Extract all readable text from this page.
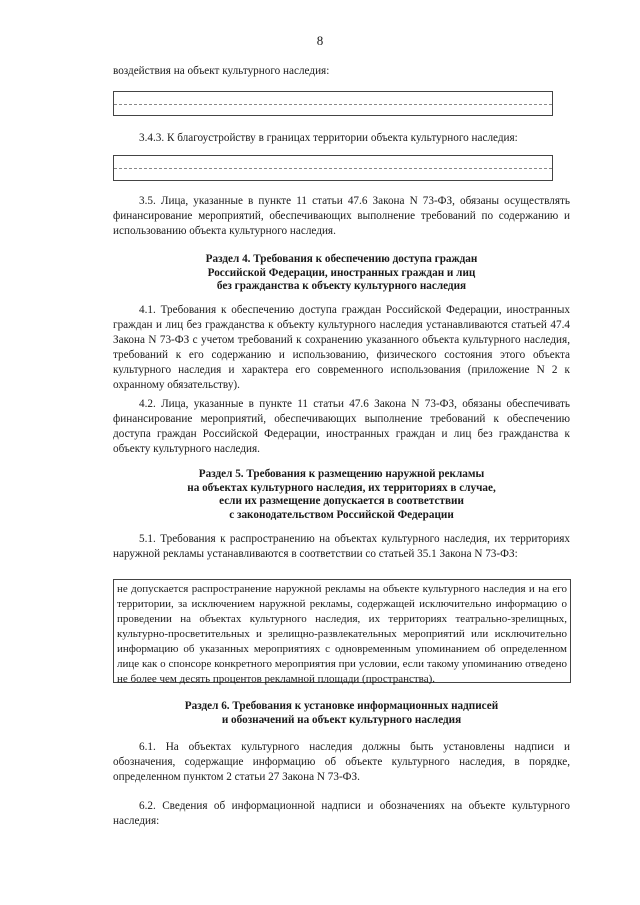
8

воздействия на объект культурного наследия:

3.4.3. К благоустройству в границах территории объекта культурного наследия:

3.5. Лица, указанные в пункте 11 статьи 47.6 Закона N 73-ФЗ, обязаны осуществлять финансирование мероприятий, обеспечивающих выполнение требований по содержанию и использованию объекта культурного наследия.

Раздел 4. Требования к обеспечению доступа граждан
Российской Федерации, иностранных граждан и лиц
без гражданства к объекту культурного наследия

4.1. Требования к обеспечению доступа граждан Российской Федерации, иностранных граждан и лиц без гражданства к объекту культурного наследия устанавливаются статьей 47.4 Закона N 73-ФЗ с учетом требований к сохранению указанного объекта культурного наследия, требований к его содержанию и использованию, физического состояния этого объекта культурного наследия и характера его современного использования (приложение N 2 к охранному обязательству).

4.2. Лица, указанные в пункте 11 статьи 47.6 Закона N 73-ФЗ, обязаны обеспечивать финансирование мероприятий, обеспечивающих выполнение требований к обеспечению доступа граждан Российской Федерации, иностранных граждан и лиц без гражданства к объекту культурного наследия.

Раздел 5. Требования к размещению наружной рекламы
на объектах культурного наследия, их территориях в случае,
если их размещение допускается в соответствии
с законодательством Российской Федерации

5.1. Требования к распространению на объектах культурного наследия, их территориях наружной рекламы устанавливаются в соответствии со статьей 35.1 Закона N 73-ФЗ:

не допускается распространение наружной рекламы на объекте культурного наследия и на его территории, за исключением наружной рекламы, содержащей исключительно информацию о проведении на объектах культурного наследия, их территориях театрально-зрелищных, культурно-просветительных и зрелищно-развлекательных мероприятий или исключительно информацию об указанных мероприятиях с одновременным упоминанием об определенном лице как о спонсоре конкретного мероприятия при условии, если такому упоминанию отведено не более чем десять процентов рекламной площади (пространства).

Раздел 6. Требования к установке информационных надписей
и обозначений на объект культурного наследия

6.1. На объектах культурного наследия должны быть установлены надписи и обозначения, содержащие информацию об объекте культурного наследия, в порядке, определенном пунктом 2 статьи 27 Закона N 73-ФЗ.

6.2. Сведения об информационной надписи и обозначениях на объекте культурного наследия:
